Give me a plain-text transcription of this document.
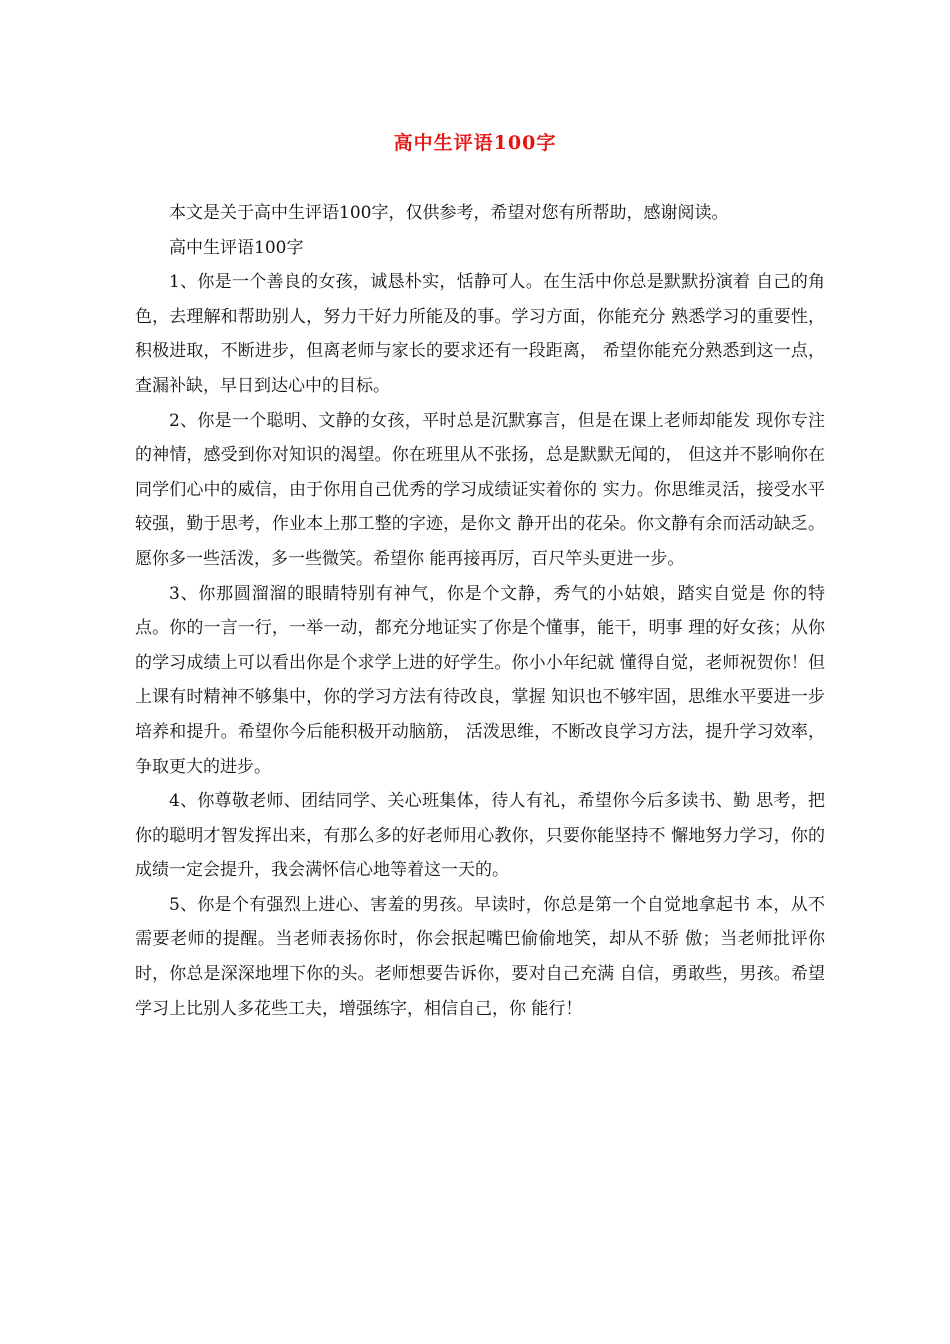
高中生评语100字

本文是关于高中生评语100字，仅供参考，希望对您有所帮助，感谢阅读。

高中生评语100字

1、你是一个善良的女孩，诚恳朴实，恬静可人。在生活中你总是默默扮演着 自己的角色，去理解和帮助别人，努力干好力所能及的事。学习方面，你能充分 熟悉学习的重要性，积极进取，不断进步，但离老师与家长的要求还有一段距离， 希望你能充分熟悉到这一点，查漏补缺，早日到达心中的目标。

2、你是一个聪明、文静的女孩，平时总是沉默寡言，但是在课上老师却能发 现你专注的神情，感受到你对知识的渴望。你在班里从不张扬，总是默默无闻的， 但这并不影响你在同学们心中的威信，由于你用自己优秀的学习成绩证实着你的 实力。你思维灵活，接受水平较强，勤于思考，作业本上那工整的字迹，是你文 静开出的花朵。你文静有余而活动缺乏。愿你多一些活泼，多一些微笑。希望你 能再接再厉，百尺竿头更进一步。

3、你那圆溜溜的眼睛特别有神气，你是个文静，秀气的小姑娘，踏实自觉是 你的特点。你的一言一行，一举一动，都充分地证实了你是个懂事，能干，明事 理的好女孩；从你的学习成绩上可以看出你是个求学上进的好学生。你小小年纪就 懂得自觉，老师祝贺你！但上课有时精神不够集中，你的学习方法有待改良，掌握 知识也不够牢固，思维水平要进一步培养和提升。希望你今后能积极开动脑筋， 活泼思维，不断改良学习方法，提升学习效率，争取更大的进步。

4、你尊敬老师、团结同学、关心班集体，待人有礼，希望你今后多读书、勤 思考，把你的聪明才智发挥出来，有那么多的好老师用心教你，只要你能坚持不 懈地努力学习，你的成绩一定会提升，我会满怀信心地等着这一天的。

5、你是个有强烈上进心、害羞的男孩。早读时，你总是第一个自觉地拿起书 本，从不需要老师的提醒。当老师表扬你时，你会抿起嘴巴偷偷地笑，却从不骄 傲；当老师批评你时，你总是深深地埋下你的头。老师想要告诉你，要对自己充满 自信，勇敢些，男孩。希望学习上比别人多花些工夫，增强练字，相信自己，你 能行！
